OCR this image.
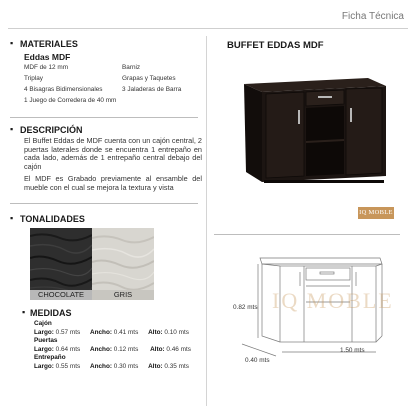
Ficha Técnica
▪ MATERIALES
Eddas MDF
MDF de 12 mm
Triplay
4 Bisagras Bidimensionales
1 Juego de Corredera de 40 mm
Barniz
Grapas y Taquetes
3 Jaladeras de Barra
▪ DESCRIPCIÓN
El Buffet Eddas de MDF cuenta con un cajón central, 2 puertas laterales donde se encuentra 1 entrepaño en cada lado, además de 1 entrepaño central debajo del cajón
El MDF es Grabado previamente al ensamble del mueble con el cual se mejora la textura y vista
▪ TONALIDADES
CHOCOLATE	GRIS
▪ MEDIDAS
Cajón
Largo: 0.57 mts Ancho: 0.41 mts Alto: 0.10 mts
Puertas
Largo: 0.64 mts Ancho: 0.12 mts Alto: 0.46 mts
Entrepaño
Largo: 0.55 mts Ancho: 0.30 mts Alto: 0.35 mts
BUFFET EDDAS MDF
IQ MOBLE
IQ MOBLE
0.82 mts
0.40 mts
1.50 mts
